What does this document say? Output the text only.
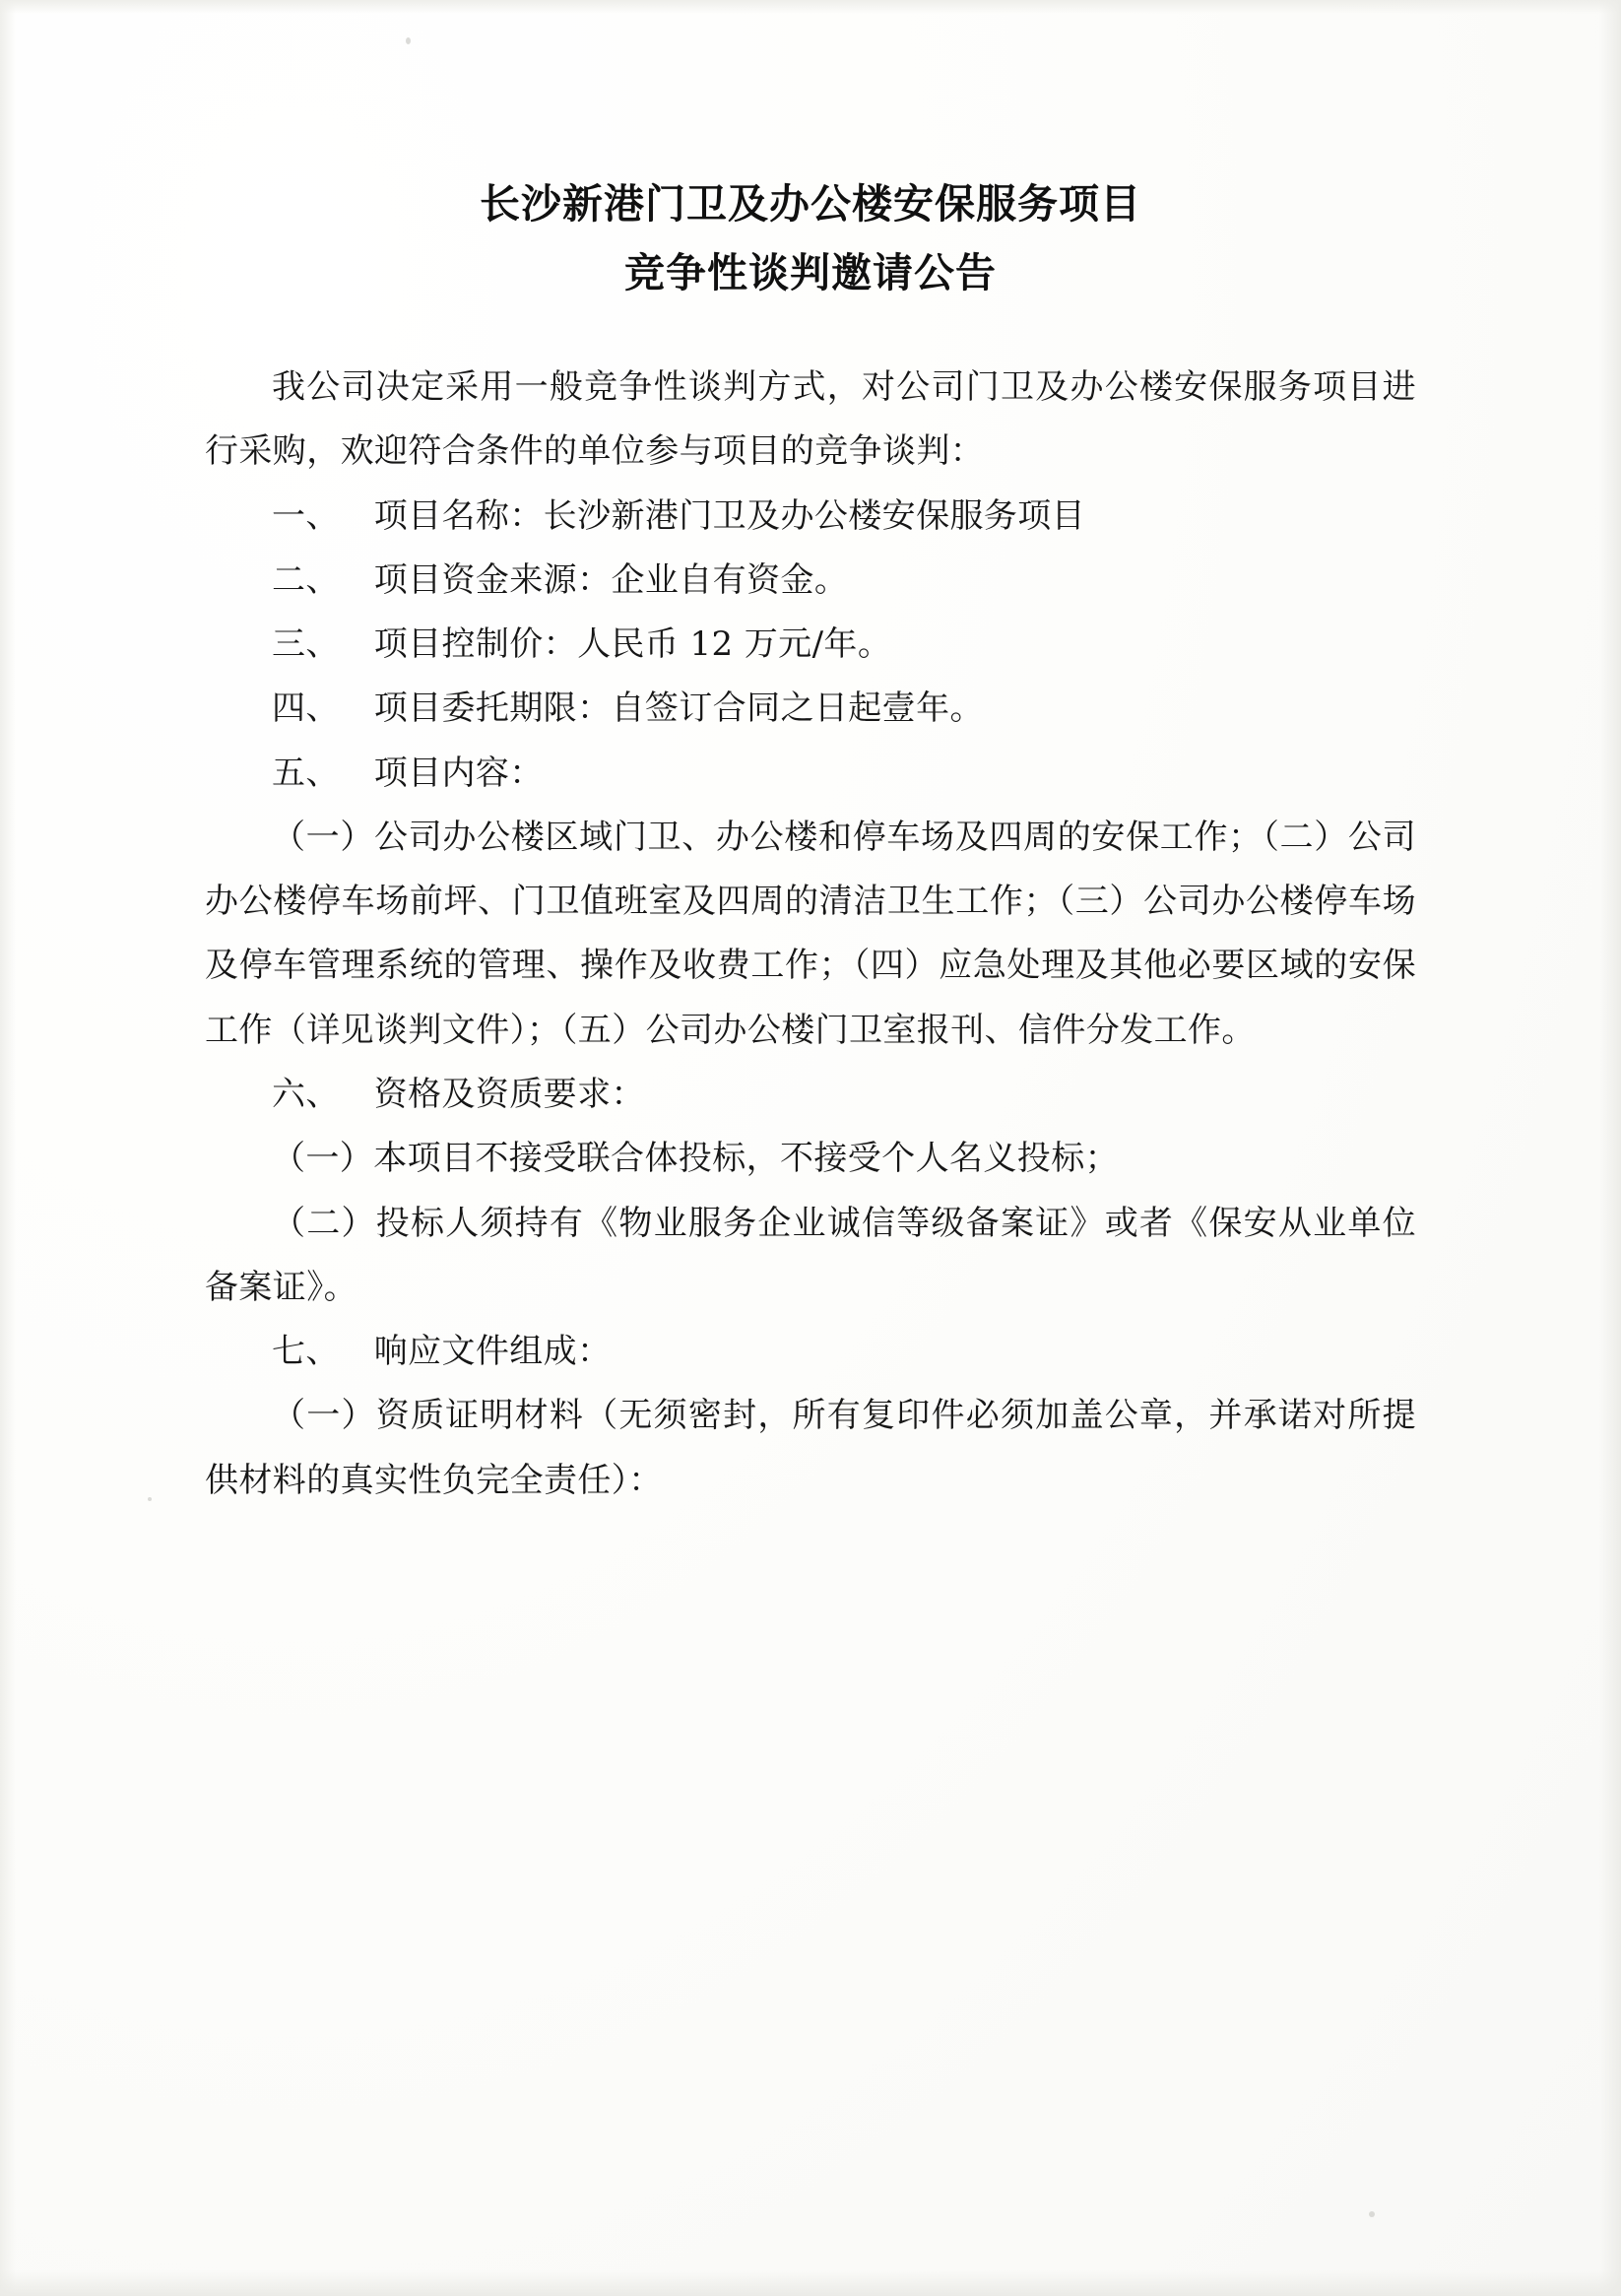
长沙新港门卫及办公楼安保服务项目
竞争性谈判邀请公告

我公司决定采用一般竞争性谈判方式，对公司门卫及办公楼安保服务项目进行采购，欢迎符合条件的单位参与项目的竞争谈判：

一、	项目名称：长沙新港门卫及办公楼安保服务项目
二、	项目资金来源：企业自有资金。
三、	项目控制价：人民币 12 万元/年。
四、	项目委托期限：自签订合同之日起壹年。
五、	项目内容：

（一）公司办公楼区域门卫、办公楼和停车场及四周的安保工作；（二）公司办公楼停车场前坪、门卫值班室及四周的清洁卫生工作；（三）公司办公楼停车场及停车管理系统的管理、操作及收费工作；（四）应急处理及其他必要区域的安保工作（详见谈判文件）；（五）公司办公楼门卫室报刊、信件分发工作。

六、	资格及资质要求：

（一）本项目不接受联合体投标，不接受个人名义投标；

（二）投标人须持有《物业服务企业诚信等级备案证》或者《保安从业单位备案证》。

七、	响应文件组成：

（一）资质证明材料（无须密封，所有复印件必须加盖公章，并承诺对所提供材料的真实性负完全责任）：
